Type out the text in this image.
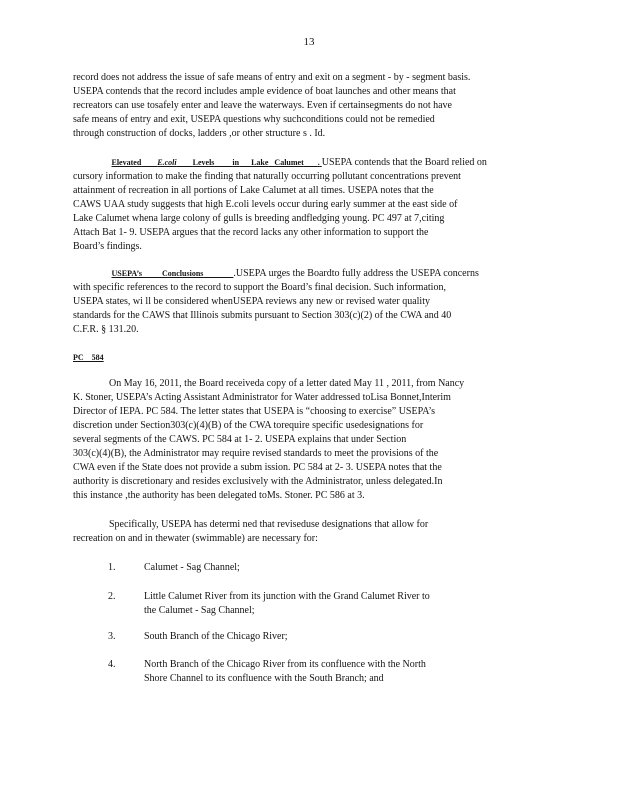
13
record does not address the issue of safe means of entry and exit on a segment - by - segment basis.
USEPA contends that the record includes ample evidence of boat launches and other means that
recreators can use tosafely enter and leave the waterways. Even if certainsegments do not have
safe means of entry and exit, USEPA questions why suchconditions could not be remedied
through construction of docks, ladders ,or other structure s . Id.
Elevated E.coli Levels in Lake Calumet . USEPA contends that the Board relied on
cursory information to make the finding that naturally occurring pollutant concentrations prevent
attainment of recreation in all portions of Lake Calumet at all times. USEPA notes that the
CAWS UAA study suggests that high E.coli levels occur during early summer at the east side of
Lake Calumet whena large colony of gulls is breeding andfledging young. PC 497 at 7,citing
Attach Bat 1- 9. USEPA argues that the record lacks any other information to support the
Board’s findings.
USEPA’s	Conclusions	.USEPA urges the Boardto fully address the USEPA concerns
with specific references to the record to support the Board’s final decision. Such information,
USEPA states, wi ll be considered whenUSEPA reviews any new or revised water quality
standards for the CAWS that Illinois submits pursuant to Section 303(c)(2) of the CWA and 40
C.F.R. § 131.20.
PC    584
On May 16, 2011, the Board receiveda copy of a letter dated May 11 , 2011, from Nancy
K. Stoner, USEPA’s Acting Assistant Administrator for Water addressed toLisa Bonnet,Interim
Director of IEPA. PC 584. The letter states that USEPA is “choosing to exercise” USEPA’s
discretion under Section303(c)(4)(B) of the CWA torequire specific usedesignations for
several segments of the CAWS. PC 584 at 1- 2. USEPA explains that under Section
303(c)(4)(B), the Administrator may require revised standards to meet the provisions of the
CWA even if the State does not provide a subm ission. PC 584 at 2- 3. USEPA notes that the
authority is discretionary and resides exclusively with the Administrator, unless delegated.In
this instance ,the authority has been delegated toMs. Stoner. PC 586 at 3.
Specifically, USEPA has determi ned that reviseduse designations that allow for
recreation on and in thewater (swimmable) are necessary for:
1.	Calumet - Sag Channel;
2.	Little Calumet River from its junction with the Grand Calumet River to
the Calumet - Sag Channel;
3.	South Branch of the Chicago River;
4.	North Branch of the Chicago River from its confluence with the North
Shore Channel to its confluence with the South Branch; and
